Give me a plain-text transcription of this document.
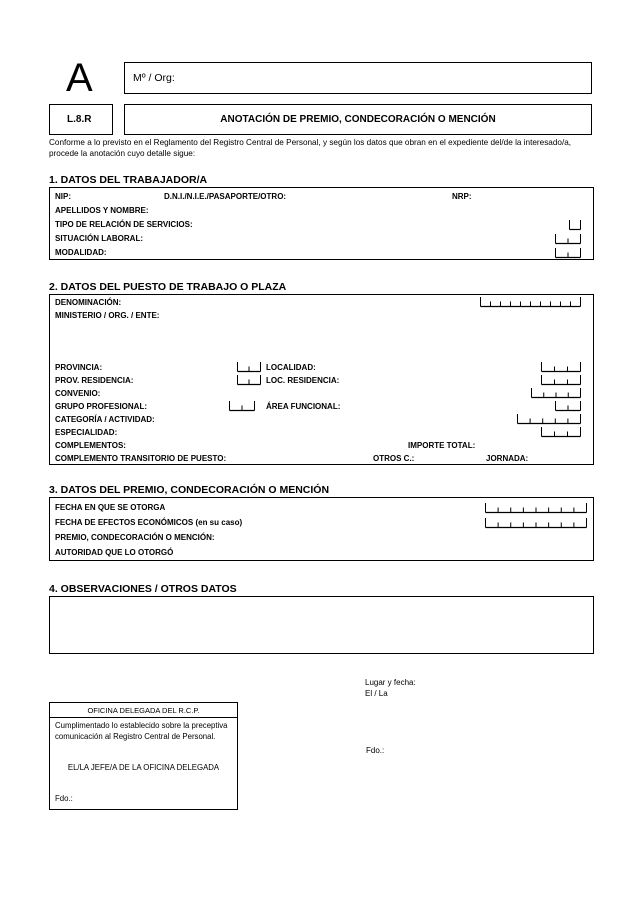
A	Mº / Org:
L.8.R	ANOTACIÓN DE PREMIO, CONDECORACIÓN O MENCIÓN
Conforme a lo previsto en el Reglamento del Registro Central de Personal, y según los datos que obran en el expediente del/de la interesado/a,
procede la anotación cuyo detalle sigue:
1. DATOS DEL TRABAJADOR/A
NIP:	D.N.I./N.I.E./PASAPORTE/OTRO:	NRP:
APELLIDOS Y NOMBRE:
TIPO DE RELACIÓN DE SERVICIOS:
SITUACIÓN LABORAL:
MODALIDAD:
2. DATOS DEL PUESTO DE TRABAJO O PLAZA
DENOMINACIÓN:
MINISTERIO / ORG. / ENTE:
PROVINCIA:	LOCALIDAD:
PROV. RESIDENCIA:	LOC. RESIDENCIA:
CONVENIO:
GRUPO PROFESIONAL:	ÁREA FUNCIONAL:
CATEGORÍA / ACTIVIDAD:
ESPECIALIDAD:
COMPLEMENTOS:	IMPORTE TOTAL:
COMPLEMENTO TRANSITORIO DE PUESTO:	OTROS C.:	JORNADA:
3. DATOS DEL PREMIO, CONDECORACIÓN O MENCIÓN
FECHA EN QUE SE OTORGA
FECHA DE EFECTOS ECONÓMICOS (en su caso)
PREMIO, CONDECORACIÓN O MENCIÓN:
AUTORIDAD QUE LO OTORGÓ
4. OBSERVACIONES / OTROS DATOS
Lugar y fecha:
El / La
Fdo.:
OFICINA DELEGADA DEL R.C.P.
Cumplimentado lo establecido sobre la preceptiva
comunicación al Registro Central de Personal.
EL/LA JEFE/A DE LA OFICINA DELEGADA
Fdo.:
